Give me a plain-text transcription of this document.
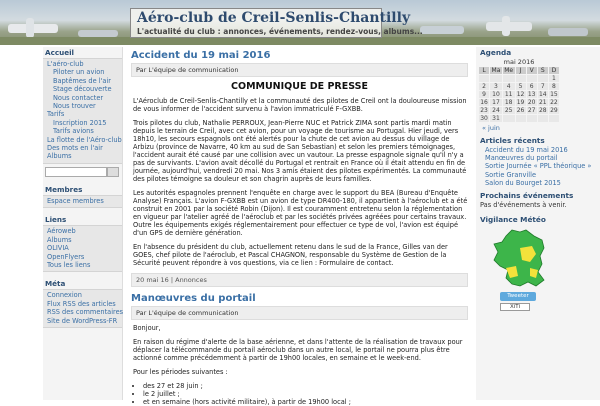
Aéro-club de Creil-Senlis-Chantilly
L'actualité du club : annonces, événements, rendez-vous, albums...
Accueil
L'aéro-club
Piloter un avion
Baptêmes de l'air
Stage découverte
Nous contacter
Nous trouver
Tarifs
Inscription 2015
Tarifs avions
La flotte de l'Aéro-club
Des mots en l'air
Albums
Membres
Espace membres
Liens
Aéroweb
Albums
OLIVIA
OpenFlyers
Tous les liens
Méta
Connexion
Flux RSS des articles
RSS des commentaires
Site de WordPress-FR
Accident du 19 mai 2016
Par L'équipe de communication
COMMUNIQUE DE PRESSE

L'Aéroclub de Creil-Senlis-Chantilly et la communauté des pilotes de Creil ont la douloureuse mission de vous informer de l'accident survenu à l'avion immatriculé F-GXBB.

Trois pilotes du club, Nathalie PERROUX, Jean-Pierre NUC et Patrick ZIMA sont partis mardi matin depuis le terrain de Creil, avec cet avion, pour un voyage de tourisme au Portugal. Hier jeudi, vers 18h10, les secours espagnols ont été alertés pour la chute de cet avion au dessus du village de Arbizu (province de Navarre, 40 km au sud de San Sebastian) et selon les premiers témoignages, l'accident aurait été causé par une collision avec un vautour. La presse espagnole signale qu'il n'y a pas de survivants. L'avion avait décollé du Portugal et rentrait en France où il était attendu en fin de journée, aujourd'hui, vendredi 20 mai. Nos 3 amis étaient des pilotes expérimentés. La communauté des pilotes témoigne sa douleur et son chagrin auprès de leurs familles.

Les autorités espagnoles prennent l'enquête en charge avec le support du BEA (Bureau d'Enquête Analyse) Français. L'avion F-GXBB est un avion de type DR400-180, il appartient à l'aéroclub et a été construit en 2001 par la société Robin (Dijon). Il est couramment entretenu selon la réglementation en vigueur par l'atelier agréé de l'aéroclub et par les sociétés privées agréées pour certains travaux. Outre les équipements exigés réglementairement pour effectuer ce type de vol, l'avion est équipé d'un GPS de dernière génération.

En l'absence du président du club, actuellement retenu dans le sud de la France, Gilles van der GOES, chef pilote de l'aéroclub, et Pascal CHAGNON, responsable du Système de Gestion de la Sécurité peuvent répondre à vos questions, via ce lien : Formulaire de contact.

20 mai 16 | Annonces
Manœuvres du portail
Par L'équipe de communication

Bonjour,

En raison du régime d'alerte de la base aérienne, et dans l'attente de la réalisation de travaux pour déplacer la télécommande du portail aéroclub dans un autre local, le portail ne pourra plus être actionné comme précédemment à partir de 19h00 locales, en semaine et le week-end.

Pour les périodes suivantes :

• des 27 et 28 juin ;
• le 2 juillet ;
• et en semaine (hors activité militaire), à partir de 19h00 local ;
Agenda
mai 2016
L	Ma	Me	J	V	S	D
						1
2	3	4	5	6	7	8
9	10	11	12	13	14	15
16	17	18	19	20	21	22
23	24	25	26	27	28	29
30	31					
« juin
Articles récents
Accident du 19 mai 2016
Manœuvres du portail
Sortie Journée « PPL théorique »
Sortie Granville
Salon du Bourget 2015
Prochains événements
Pas d'événements à venir.
Vigilance Météo
Tweeter
XiTi
